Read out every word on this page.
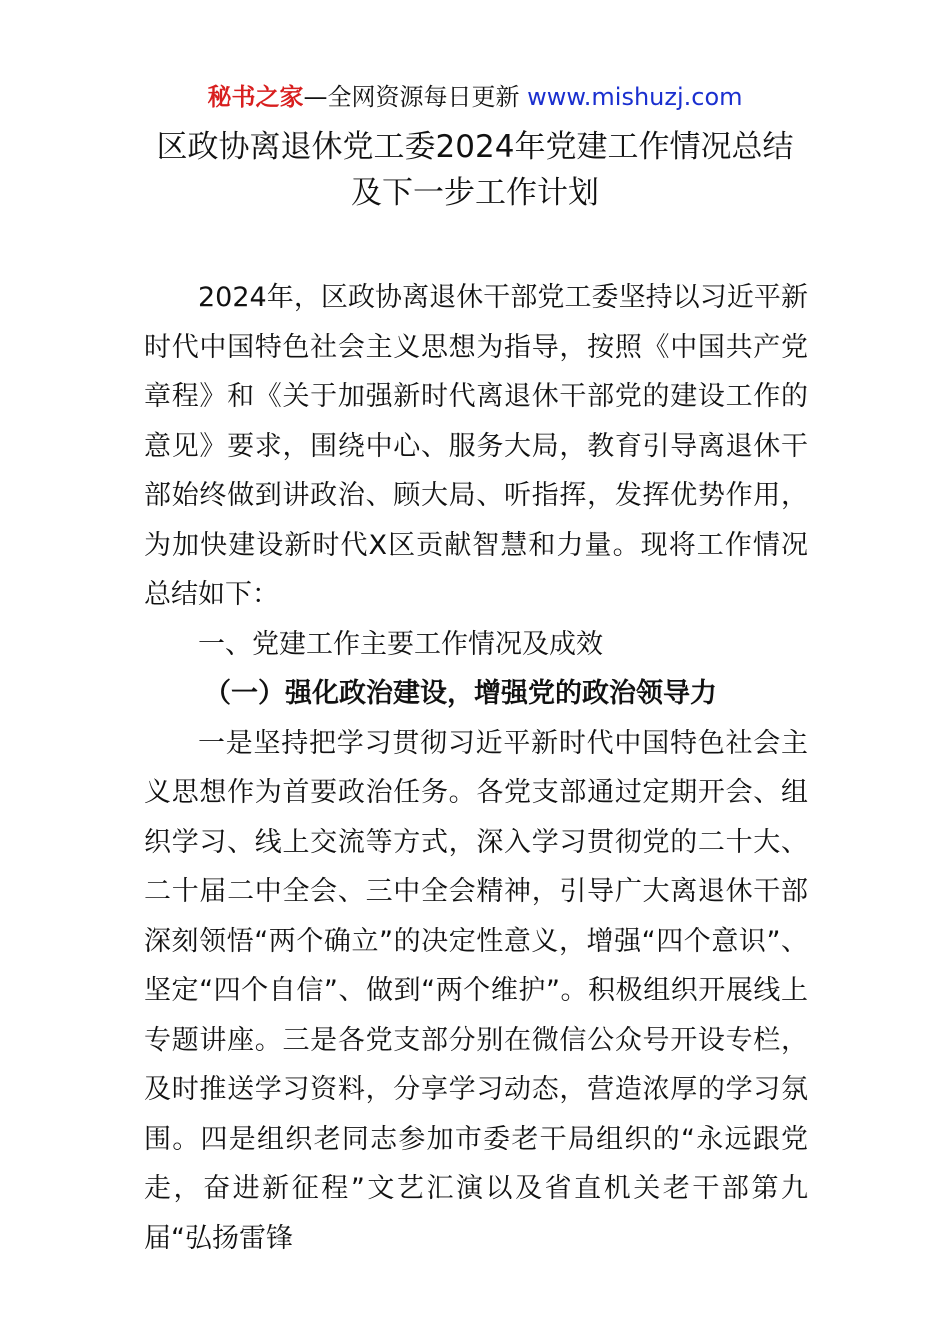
秘书之家—全网资源每日更新 www.mishuzj.com
区政协离退休党工委2024年党建工作情况总结
及下一步工作计划

2024年，区政协离退休干部党工委坚持以习近平新时代中国特色社会主义思想为指导，按照《中国共产党章程》和《关于加强新时代离退休干部党的建设工作的意见》要求，围绕中心、服务大局，教育引导离退休干部始终做到讲政治、顾大局、听指挥，发挥优势作用，为加快建设新时代X区贡献智慧和力量。现将工作情况总结如下：

一、党建工作主要工作情况及成效

（一）强化政治建设，增强党的政治领导力

一是坚持把学习贯彻习近平新时代中国特色社会主义思想作为首要政治任务。各党支部通过定期开会、组织学习、线上交流等方式，深入学习贯彻党的二十大、二十届二中全会、三中全会精神，引导广大离退休干部深刻领悟“两个确立”的决定性意义，增强“四个意识”、坚定“四个自信”、做到“两个维护”。积极组织开展线上专题讲座。三是各党支部分别在微信公众号开设专栏，及时推送学习资料，分享学习动态，营造浓厚的学习氛围。四是组织老同志参加市委老干局组织的“永远跟党走，奋进新征程”文艺汇演以及省直机关老干部第九届“弘扬雷锋
